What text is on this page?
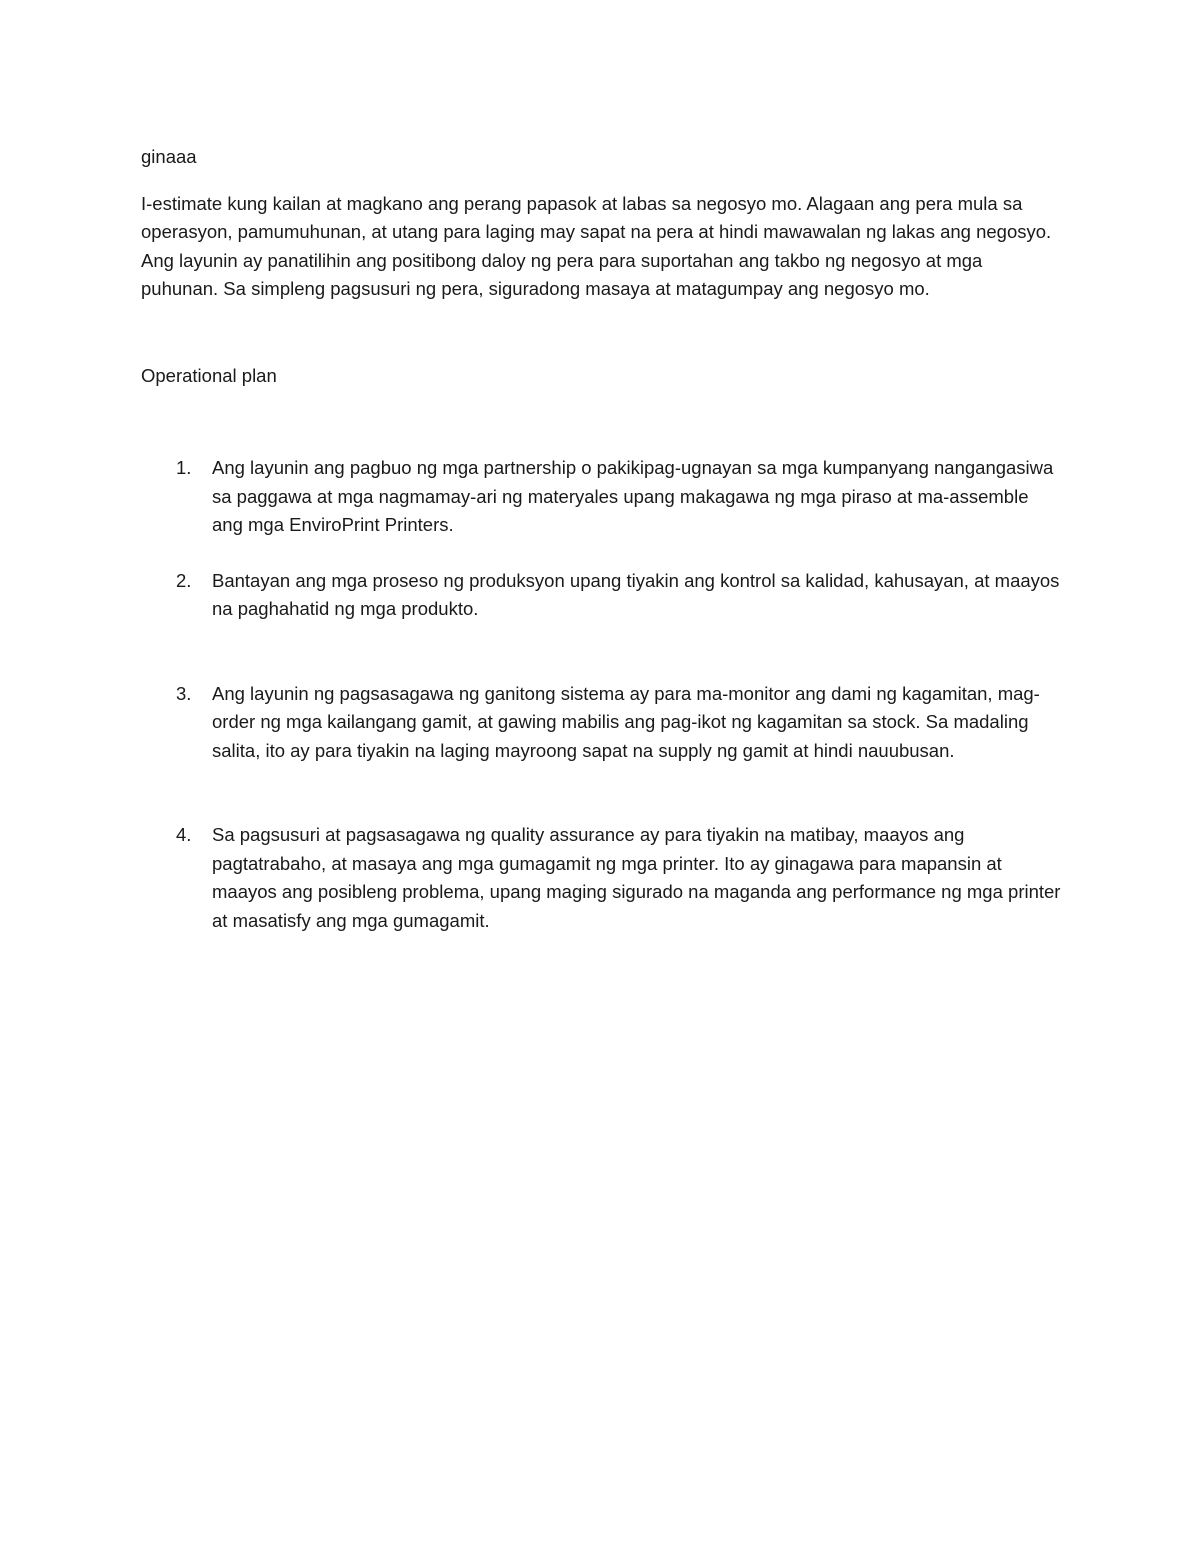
ginaaa

I-estimate kung kailan at magkano ang perang papasok at labas sa negosyo mo. Alagaan ang pera mula sa operasyon, pamumuhunan, at utang para laging may sapat na pera at hindi mawawalan ng lakas ang negosyo. Ang layunin ay panatilihin ang positibong daloy ng pera para suportahan ang takbo ng negosyo at mga puhunan. Sa simpleng pagsusuri ng pera, siguradong masaya at matagumpay ang negosyo mo.

Operational plan

1. Ang layunin ang pagbuo ng mga partnership o pakikipag-ugnayan sa mga kumpanyang nangangasiwa sa paggawa at mga nagmamay-ari ng materyales upang makagawa ng mga piraso at ma-assemble ang mga EnviroPrint Printers.
2. Bantayan ang mga proseso ng produksyon upang tiyakin ang kontrol sa kalidad, kahusayan, at maayos na paghahatid ng mga produkto.
3. Ang layunin ng pagsasagawa ng ganitong sistema ay para ma-monitor ang dami ng kagamitan, mag-order ng mga kailangang gamit, at gawing mabilis ang pag-ikot ng kagamitan sa stock. Sa madaling salita, ito ay para tiyakin na laging mayroong sapat na supply ng gamit at hindi nauubusan.
4. Sa pagsusuri at pagsasagawa ng quality assurance ay para tiyakin na matibay, maayos ang pagtatrabaho, at masaya ang mga gumagamit ng mga printer. Ito ay ginagawa para mapansin at maayos ang posibleng problema, upang maging sigurado na maganda ang performance ng mga printer at masatisfy ang mga gumagamit.
